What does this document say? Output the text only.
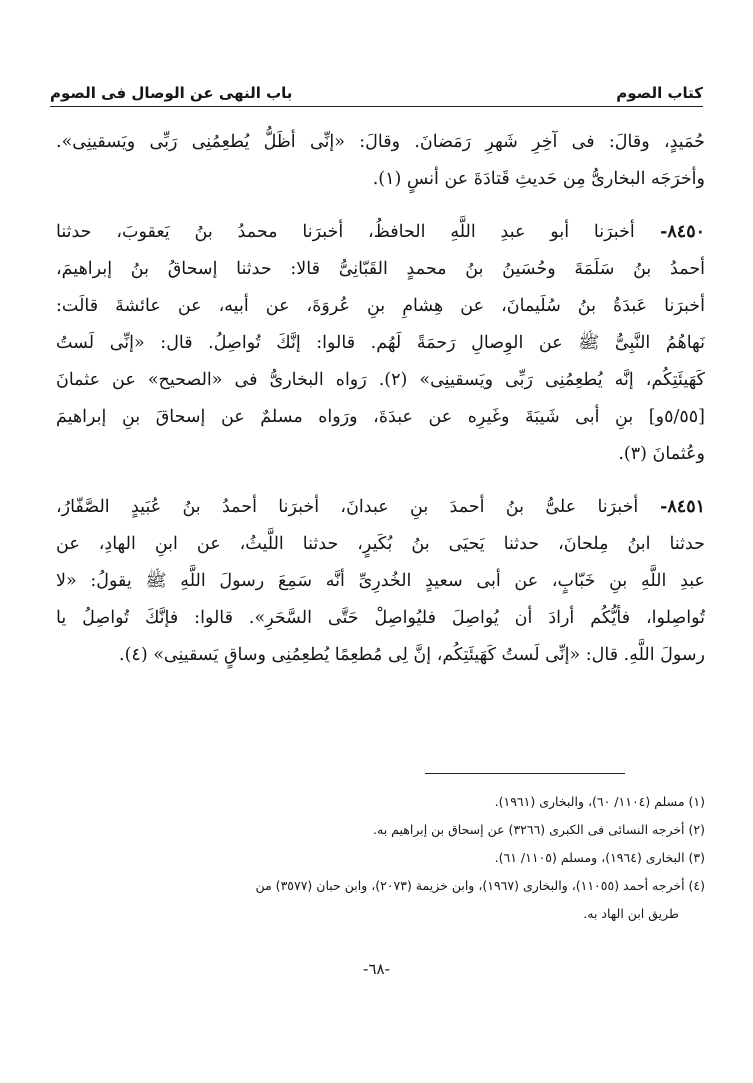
كتاب الصوم
باب النهى عن الوصال فى الصوم
حُمَيدٍ، وقالَ: فى آخِرِ شَهرِ رَمَضانَ. وقالَ: «إنِّى أظَلُّ يُطعِمُنِى رَبِّى ويَسقينِى».
وأخرَجَه البخارىُّ مِن حَديثِ قَتادَةَ عن أنسٍ (١).
٨٤٥٠- أخبرَنا أبو عبدِ اللَّهِ الحافظُ، أخبرَنا محمدُ بنُ يَعقوبَ، حدثنا
أحمدُ بنُ سَلَمَةَ وحُسَينُ بنُ محمدٍ القَبّانِىُّ قالا: حدثنا إسحاقُ بنُ إبراهيمَ،
أخبرَنا عَبدَةُ بنُ سُلَيمانَ، عن هِشامِ بنِ عُروَةَ، عن أبيه، عن عائشةَ قالَت:
نَهاهُمُ النَّبِىُّ ﷺ عن الوِصالِ رَحمَةً لَهُم. قالوا: إنَّكَ تُواصِلُ. قال: «إنِّى لَستُ
كَهَيئَتِكُم، إنَّه يُطعِمُنِى رَبِّى ويَسقينِى» (٢). رَواه البخارىُّ فى «الصحيح» عن عثمانَ
[٥/٥٥و] بنِ أبى شَيبَةَ وغَيرِه عن عبدَةَ، ورَواه مسلمٌ عن إسحاقَ بنِ إبراهيمَ
وعُثمانَ (٣).
٨٤٥١- أخبرَنا علىُّ بنُ أحمدَ بنِ عبدانَ، أخبرَنا أحمدُ بنُ عُبَيدٍ الصَّفّارُ،
حدثنا ابنُ مِلحانَ، حدثنا يَحيَى بنُ بُكَيرٍ، حدثنا اللَّيثُ، عن ابنِ الهادِ، عن
عبدِ اللَّهِ بنِ خَبّابٍ، عن أبى سعيدٍ الخُدرِىِّ أنَّه سَمِعَ رسولَ اللَّهِ ﷺ يقولُ: «لا
تُواصِلوا، فأيُّكُم أرادَ أن يُواصِلَ فليُواصِلْ حَتَّى السَّحَرِ». قالوا: فإنَّكَ تُواصِلُ يا
رسولَ اللَّهِ. قال: «إنِّى لَستُ كَهَيئَتِكُم، إنَّ لِى مُطعِمًا يُطعِمُنِى وساقٍ يَسقينِى» (٤).
(١) مسلم (١١٠٤/ ٦٠)، والبخارى (١٩٦١).
(٢) أخرجه النسائى فى الكبرى (٣٢٦٦) عن إسحاق بن إبراهيم به.
(٣) البخارى (١٩٦٤)، ومسلم (١١٠٥/ ٦١).
(٤) أخرجه أحمد (١١٠٥٥)، والبخارى (١٩٦٧)، وابن خزيمة (٢٠٧٣)، وابن حبان (٣٥٧٧) من
طريق ابن الهاد به.
-٦٨-
